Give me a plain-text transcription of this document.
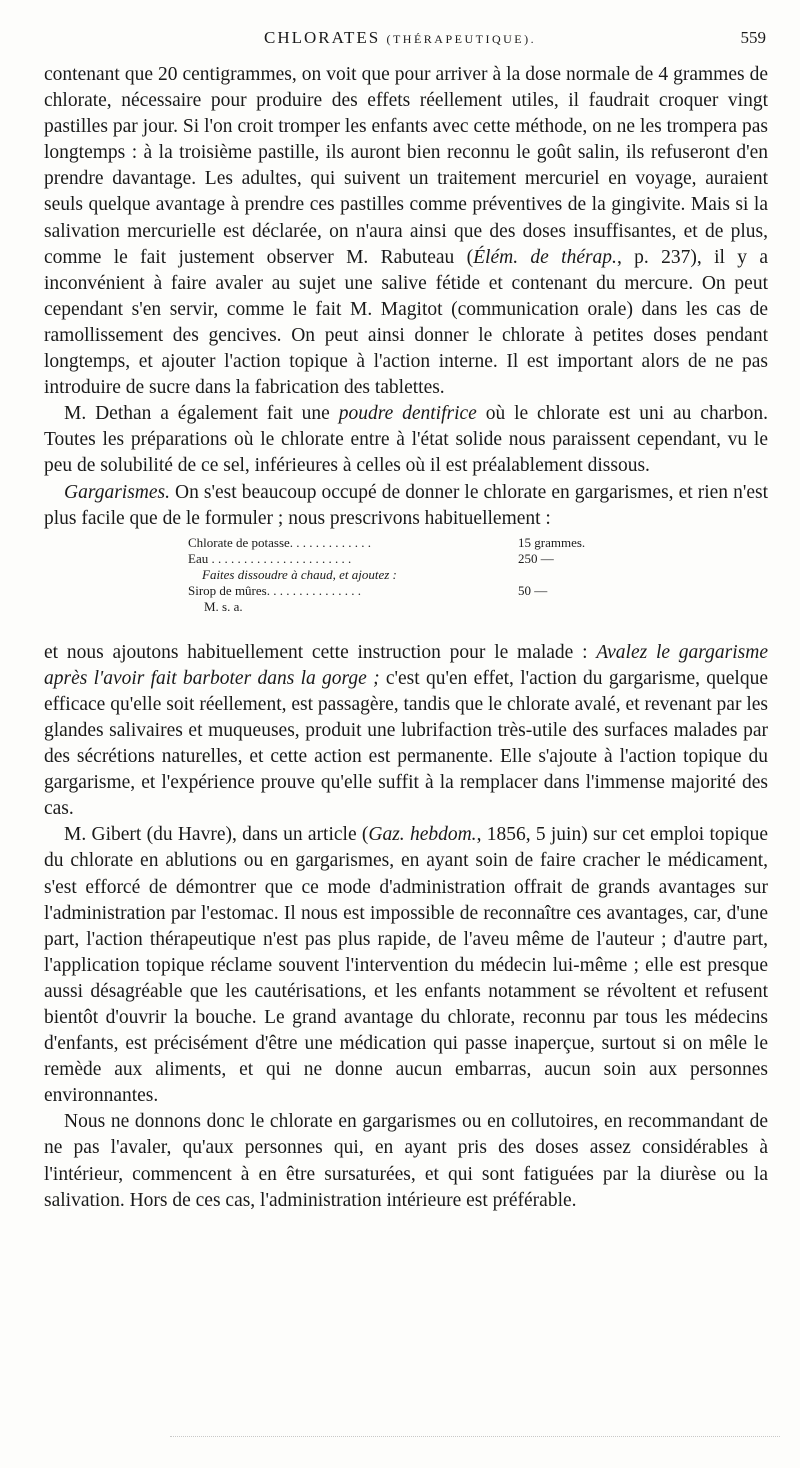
CHLORATES (THÉRAPEUTIQUE).	559

contenant que 20 centigrammes, on voit que pour arriver à la dose normale de 4 grammes de chlorate, nécessaire pour produire des effets réellement utiles, il faudrait croquer vingt pastilles par jour. Si l'on croit tromper les enfants avec cette méthode, on ne les trompera pas longtemps : à la troisième pastille, ils auront bien reconnu le goût salin, ils refuseront d'en prendre davantage. Les adultes, qui suivent un traitement mercuriel en voyage, auraient seuls quelque avantage à prendre ces pastilles comme préventives de la gingivite. Mais si la salivation mercurielle est déclarée, on n'aura ainsi que des doses insuffisantes, et de plus, comme le fait justement observer M. Rabuteau (Élém. de thérap., p. 237), il y a inconvénient à faire avaler au sujet une salive fétide et contenant du mercure. On peut cependant s'en servir, comme le fait M. Magitot (communication orale) dans les cas de ramollissement des gencives. On peut ainsi donner le chlorate à petites doses pendant longtemps, et ajouter l'action topique à l'action interne. Il est important alors de ne pas introduire de sucre dans la fabrication des tablettes.

M. Dethan a également fait une poudre dentifrice où le chlorate est uni au charbon. Toutes les préparations où le chlorate entre à l'état solide nous paraissent cependant, vu le peu de solubilité de ce sel, inférieures à celles où il est préalablement dissous.

Gargarismes. On s'est beaucoup occupé de donner le chlorate en gargarismes, et rien n'est plus facile que de le formuler ; nous prescrivons habituellement :

Chlorate de potasse. . . . . . . . . . . . .	15 grammes.
Eau . . . . . . . . . . . . . . . . . . . . . .	250 —
Faites dissoudre à chaud, et ajoutez :
Sirop de mûres. . . . . . . . . . . . . . .	50 —
M. s. a.

et nous ajoutons habituellement cette instruction pour le malade : Avalez le gargarisme après l'avoir fait barboter dans la gorge ; c'est qu'en effet, l'action du gargarisme, quelque efficace qu'elle soit réellement, est passagère, tandis que le chlorate avalé, et revenant par les glandes salivaires et muqueuses, produit une lubrifaction très-utile des surfaces malades par des sécrétions naturelles, et cette action est permanente. Elle s'ajoute à l'action topique du gargarisme, et l'expérience prouve qu'elle suffit à la remplacer dans l'immense majorité des cas.

M. Gibert (du Havre), dans un article (Gaz. hebdom., 1856, 5 juin) sur cet emploi topique du chlorate en ablutions ou en gargarismes, en ayant soin de faire cracher le médicament, s'est efforcé de démontrer que ce mode d'administration offrait de grands avantages sur l'administration par l'estomac. Il nous est impossible de reconnaître ces avantages, car, d'une part, l'action thérapeutique n'est pas plus rapide, de l'aveu même de l'auteur ; d'autre part, l'application topique réclame souvent l'intervention du médecin lui-même ; elle est presque aussi désagréable que les cautérisations, et les enfants notamment se révoltent et refusent bientôt d'ouvrir la bouche. Le grand avantage du chlorate, reconnu par tous les médecins d'enfants, est précisément d'être une médication qui passe inaperçue, surtout si on mêle le remède aux aliments, et qui ne donne aucun embarras, aucun soin aux personnes environnantes.

Nous ne donnons donc le chlorate en gargarismes ou en collutoires, en recommandant de ne pas l'avaler, qu'aux personnes qui, en ayant pris des doses assez considérables à l'intérieur, commencent à en être sursaturées, et qui sont fatiguées par la diurèse ou la salivation. Hors de ces cas, l'administration intérieure est préférable.
